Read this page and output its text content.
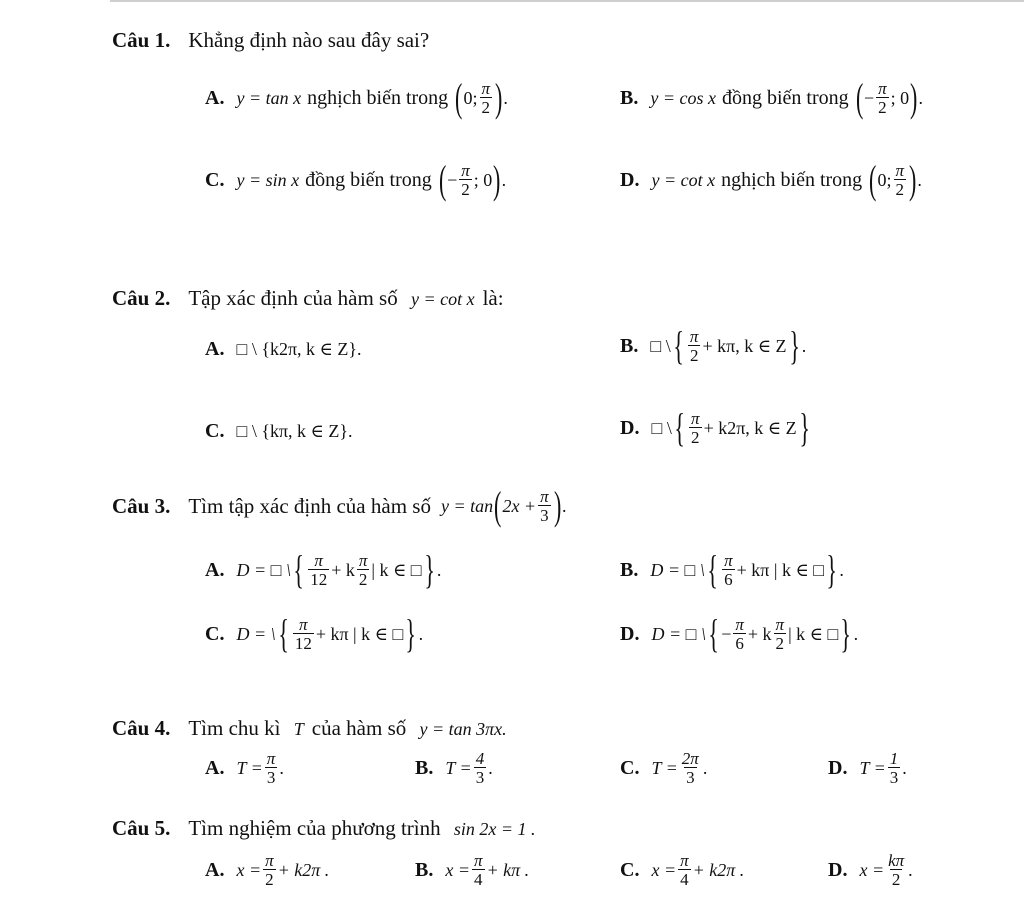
Câu 1. Khẳng định nào sau đây sai?
A. y = tan x nghịch biến trong ( 0; $\frac{\pi}{2}$ ) .	B. y = cos x đồng biến trong ( − $\frac{\pi}{2}$ ; 0 ) .
C. y = sin x đồng biến trong ( − $\frac{\pi}{2}$ ; 0 ) .	D. y = cot x nghịch biến trong ( 0; $\frac{\pi}{2}$ ) .
Câu 2. Tập xác định của hàm số y = cot x là:
A. □ \ {k2π, k ∈ Z}.	B. □ \ { $\frac{\pi}{2} + k\pi$, k ∈ Z } .
C. □ \ {kπ, k ∈ Z}.	D. □ \ { $\frac{\pi}{2} + k2\pi$, k ∈ Z }
Câu 3. Tìm tập xác định của hàm số y = tan ( $2x + \frac{\pi}{3}$ ) .
A. D = □ \ { $\frac{\pi}{12} + k \frac{\pi}{2}$ | k ∈ □ } .	B. D = □ \ { $\frac{\pi}{6} + k\pi$ | k ∈ □ } .
C. D = \ { $\frac{\pi}{12} + k\pi$ | k ∈ □ } .	D. D = □ \ { − $\frac{\pi}{6} + k \frac{\pi}{2}$ | k ∈ □ } .
Câu 4. Tìm chu kì T của hàm số y = tan 3πx.
A. $T = \frac{\pi}{3}$ .	B. $T = \frac{4}{3}$ .	C. $T = \frac{2\pi}{3}$ .	D. $T = \frac{1}{3}$ .
Câu 5. Tìm nghiệm của phương trình sin 2x = 1 .
A. $x = \frac{\pi}{2} + k2\pi$ .	B. $x = \frac{\pi}{4} + k\pi$ .	C. $x = \frac{\pi}{4} + k2\pi$ .	D. $x = \frac{k\pi}{2}$ .
